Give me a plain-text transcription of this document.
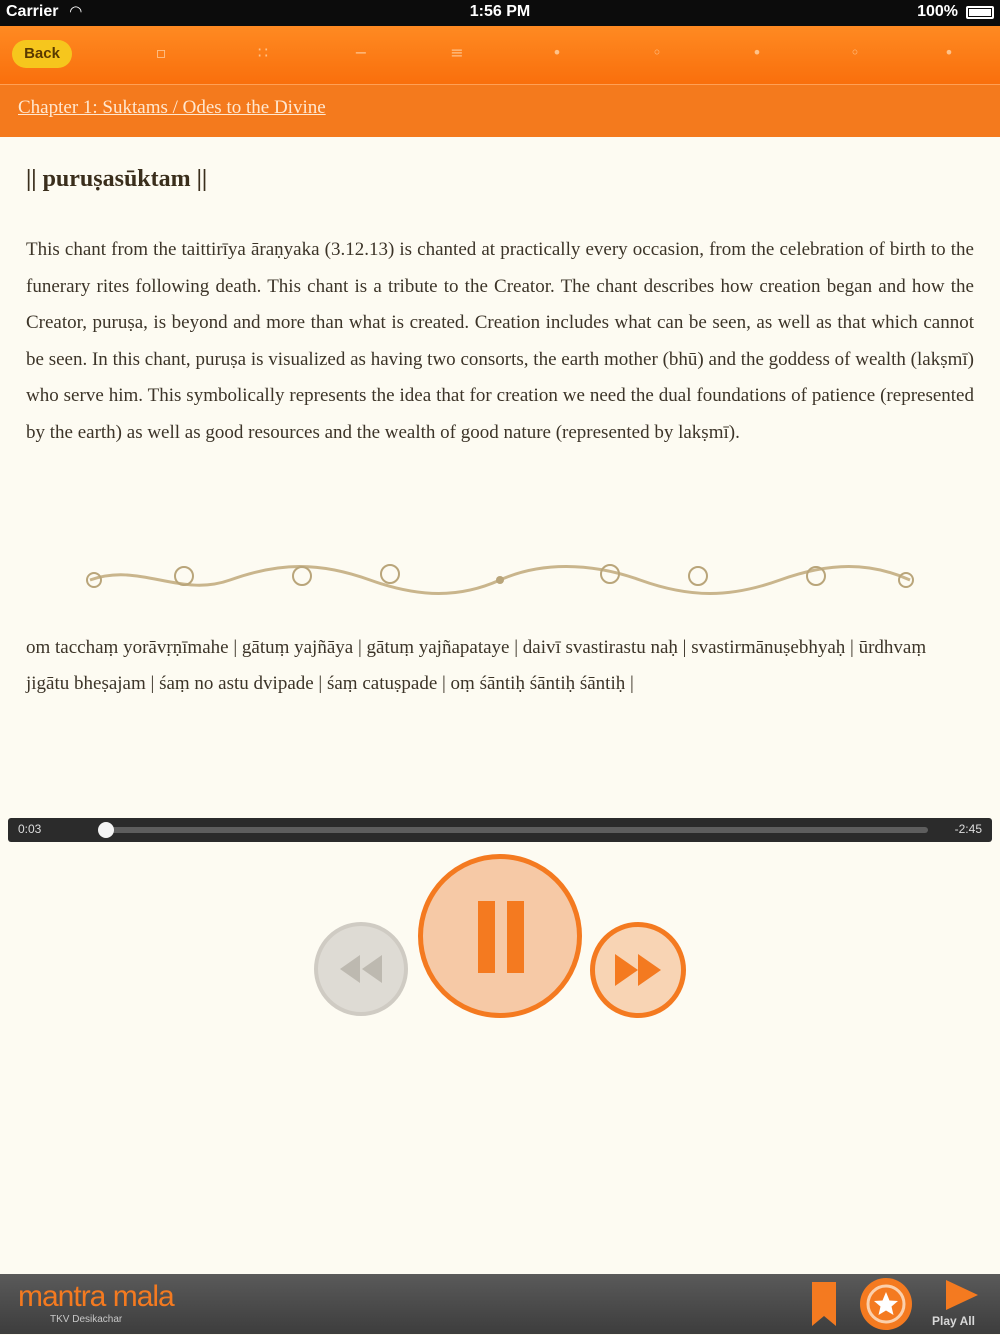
Carrier ◠	1:56 PM	100%
Back	▫	∷	−	≡	•	◦	•	◦	•
Chapter 1: Suktams / Odes to the Divine
|| puruṣasūktam ||

This chant from the taittirīya āraṇyaka (3.12.13) is chanted at practically every occasion, from the celebration of birth to the funerary rites following death. This chant is a tribute to the Creator. The chant describes how creation began and how the Creator, puruṣa, is beyond and more than what is created. Creation includes what can be seen, as well as that which cannot be seen. In this chant, puruṣa is visualized as having two consorts, the earth mother (bhū) and the goddess of wealth (lakṣmī) who serve him. This symbolically represents the idea that for creation we need the dual foundations of patience (represented by the earth) as well as good resources and the wealth of good nature (represented by lakṣmī).

om tacchaṃ yorāvṛṇīmahe | gātuṃ yajñāya | gātuṃ yajñapataye | daivī svastirastu naḥ | svastirmānuṣebhyaḥ | ūrdhvaṃ jigātu bheṣajam | śaṃ no astu dvipade | śaṃ catuṣpade | oṃ śāntiḥ śāntiḥ śāntiḥ |

0:03	-2:45
mantra mala
TKV Desikachar	Play All
